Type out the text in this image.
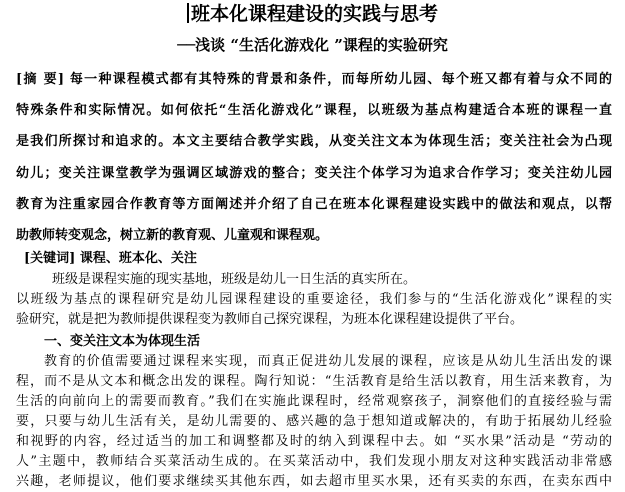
班本化课程建设的实践与思考
──浅谈 “生活化游戏化 ”课程的实验研究
[摘 要] 每一种课程模式都有其特殊的背景和条件，而每所幼儿园、每个班又都有着与众不同的
特殊条件和实际情况。如何依托“生活化游戏化”课程，以班级为基点构建适合本班的课程一直
是我们所探讨和追求的。本文主要结合教学实践，从变关注文本为体现生活；变关注社会为凸现
幼儿；变关注课堂教学为强调区域游戏的整合；变关注个体学习为追求合作学习；变关注幼儿园
教育为注重家园合作教育等方面阐述并介绍了自己在班本化课程建设实践中的做法和观点，以帮
助教师转变观念，树立新的教育观、儿童观和课程观。
[关键词] 课程、班本化、关注
班级是课程实施的现实基地，班级是幼儿一日生活的真实所在。
以班级为基点的课程研究是幼儿园课程建设的重要途径，我们参与的“生活化游戏化”课程的实
验研究，就是把为教师提供课程变为教师自己探究课程，为班本化课程建设提供了平台。
一、变关注文本为体现生活
教育的价值需要通过课程来实现，而真正促进幼儿发展的课程，应该是从幼儿生活出发的课
程，而不是从文本和概念出发的课程。陶行知说：“生活教育是给生活以教育，用生活来教育，为
生活的向前向上的需要而教育。”我们在实施此课程时，经常观察孩子，洞察他们的直接经验与需
要，只要与幼儿生活有关，是幼儿需要的、感兴趣的急于想知道或解决的，有助于拓展幼儿经验
和视野的内容，经过适当的加工和调整都及时的纳入到课程中去。如 “买水果”活动是 “劳动的
人”主题中，教师结合买菜活动生成的。在买菜活动中，我们发现小朋友对这种实践活动非常感
兴趣，老师提议，他们要求继续买其他东西，如去超市里买水果，还有买卖的东西，在卖东西中
